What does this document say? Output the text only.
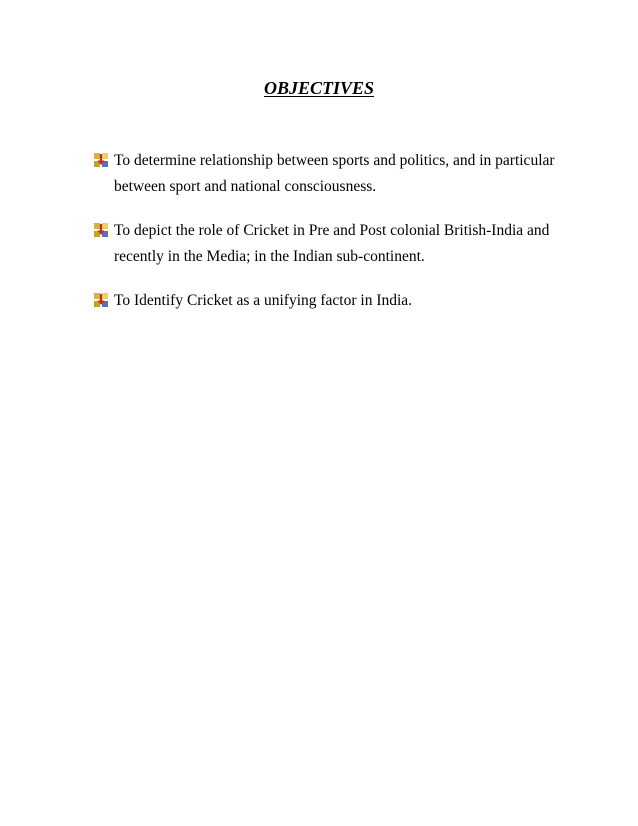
OBJECTIVES
To determine relationship between sports and politics, and in particular between sport and national consciousness.
To depict the role of Cricket in Pre and Post colonial British-India and recently in the Media; in the Indian sub-continent.
To Identify Cricket as a unifying factor in India.
